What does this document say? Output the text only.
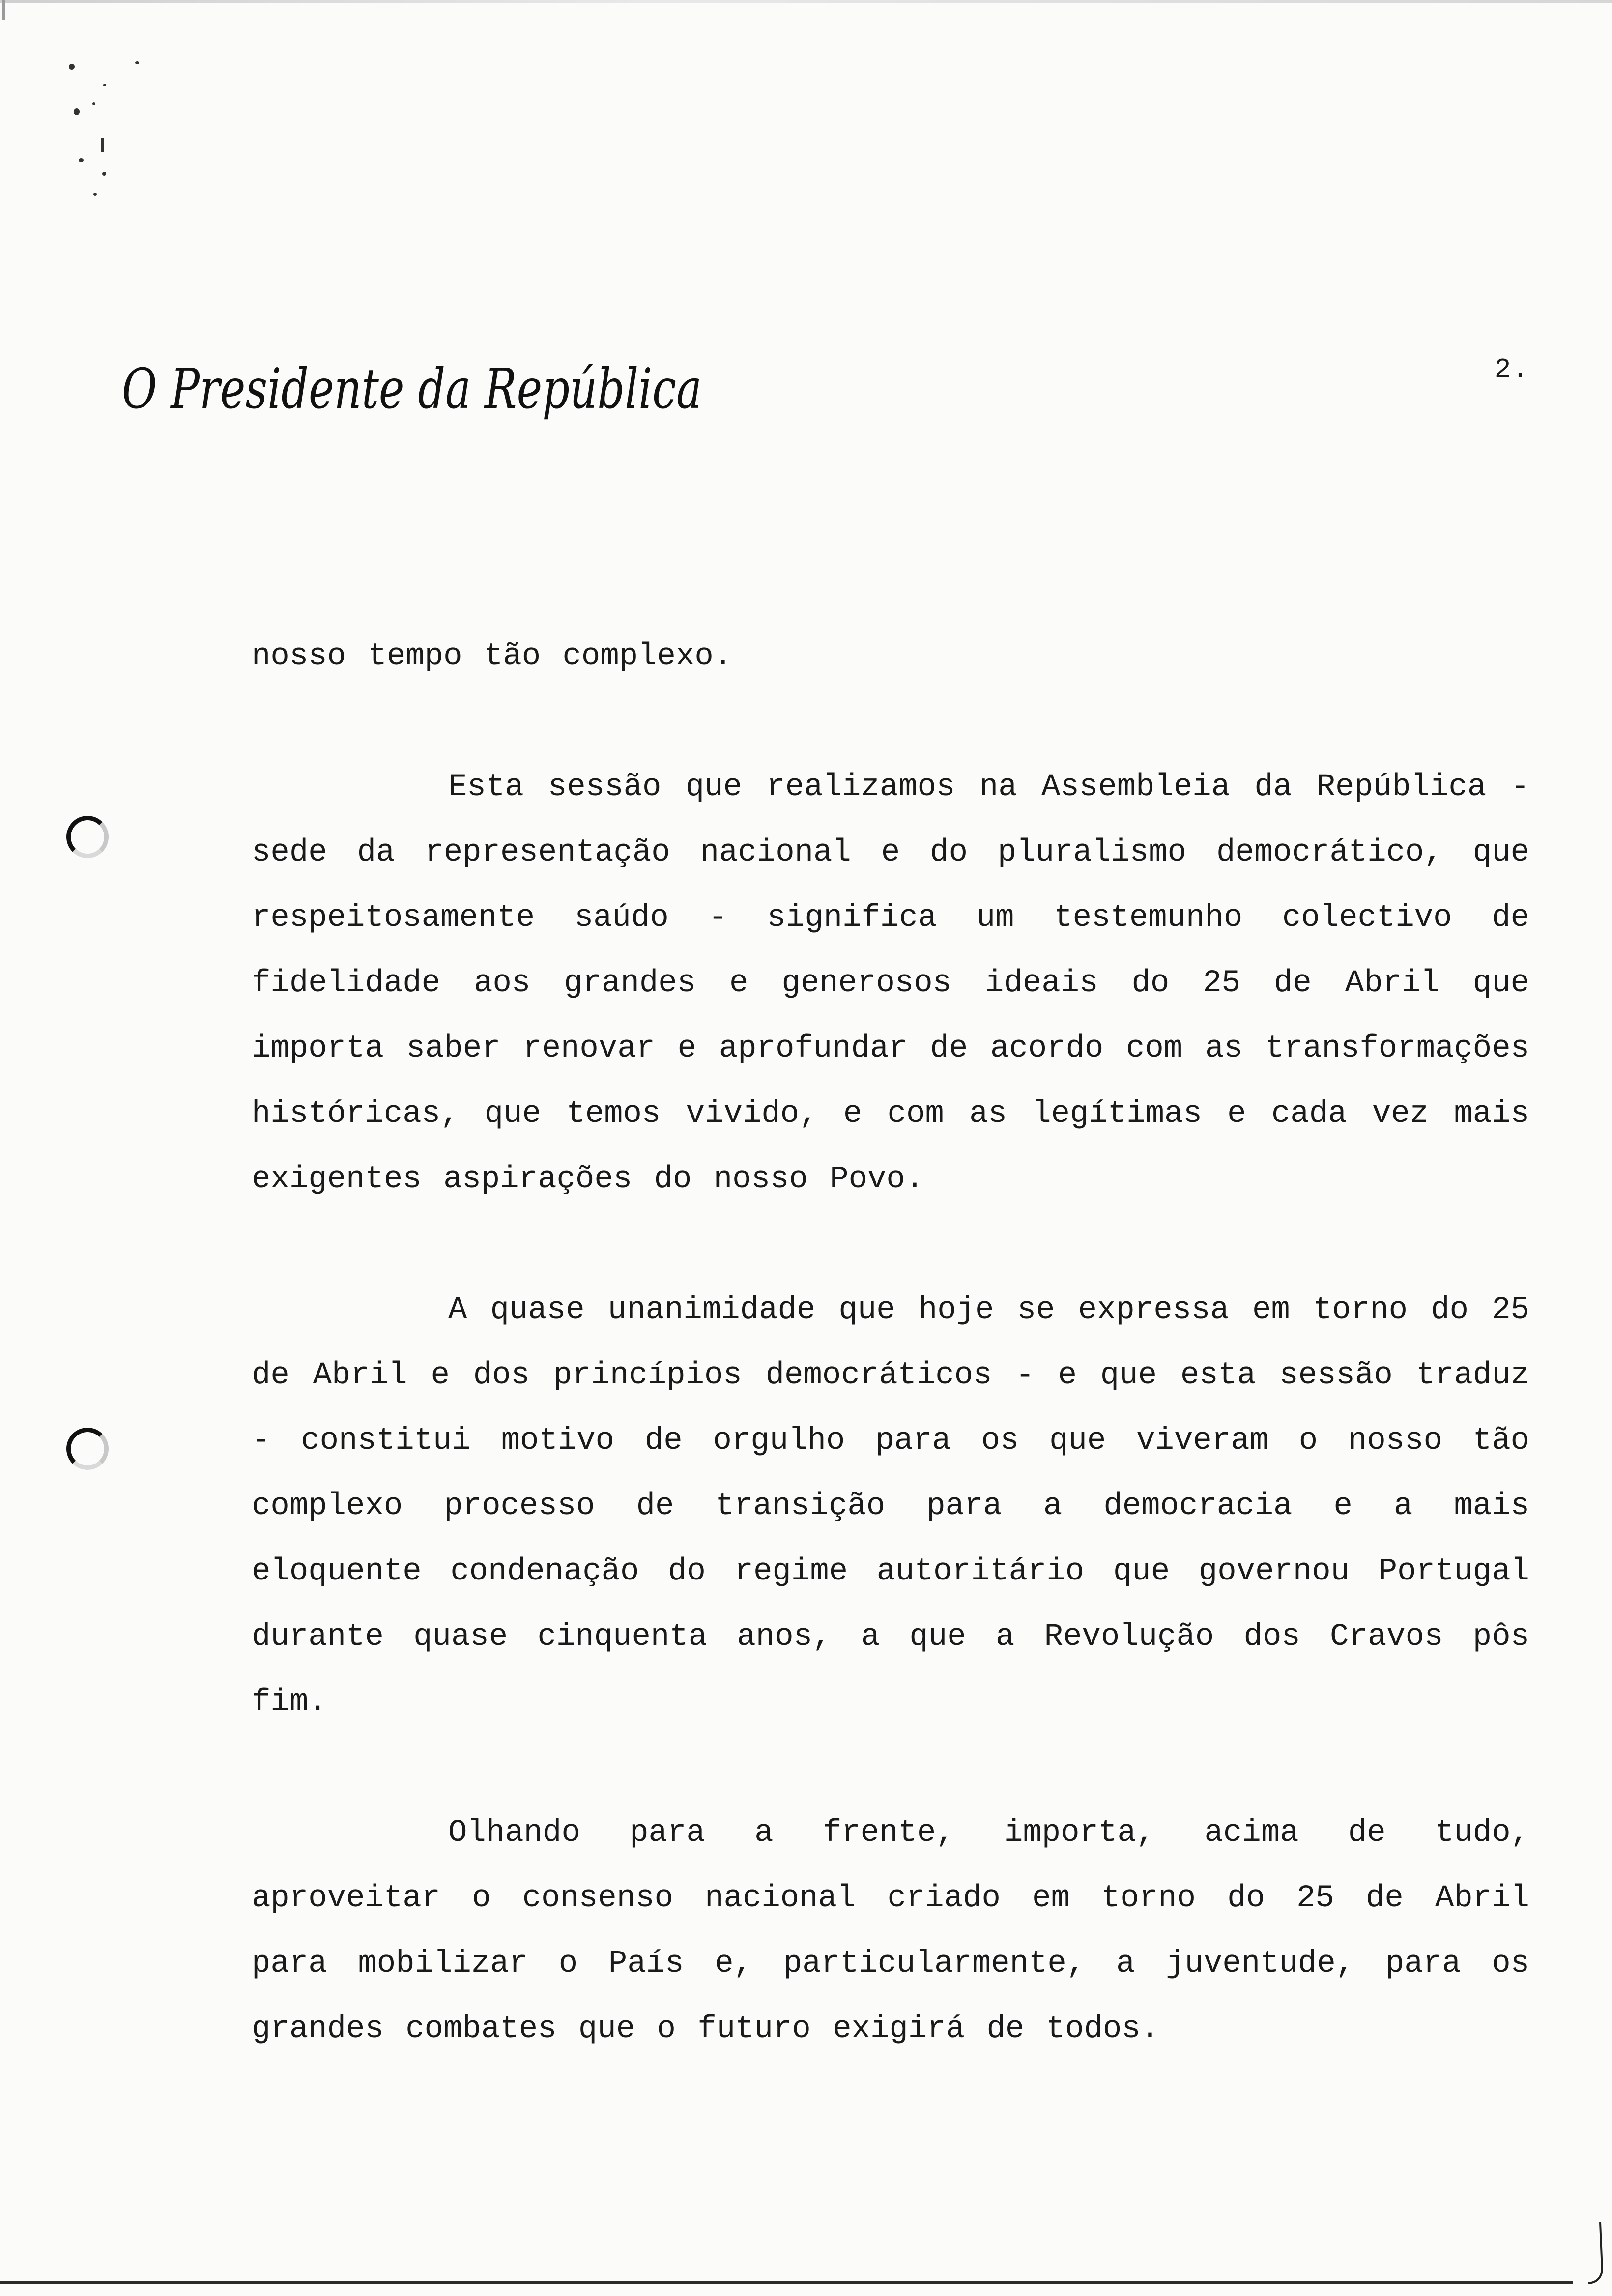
O Presidente da República	2.

nosso tempo tão complexo.

Esta sessão que realizamos na Assembleia da República - sede da representação nacional e do pluralismo democrático, que respeitosamente saúdo - significa um testemunho colectivo de fidelidade aos grandes e generosos ideais do 25 de Abril que importa saber renovar e aprofundar de acordo com as transformações históricas, que temos vivido, e com as legítimas e cada vez mais exigentes aspirações do nosso Povo.

A quase unanimidade que hoje se expressa em torno do 25 de Abril e dos princípios democráticos - e que esta sessão traduz - constitui motivo de orgulho para os que viveram o nosso tão complexo processo de transição para a democracia e a mais eloquente condenação do regime autoritário que governou Portugal durante quase cinquenta anos, a que a Revolução dos Cravos pôs fim.

Olhando para a frente, importa, acima de tudo, aproveitar o consenso nacional criado em torno do 25 de Abril para mobilizar o País e, particularmente, a juventude, para os grandes combates que o futuro exigirá de todos.
